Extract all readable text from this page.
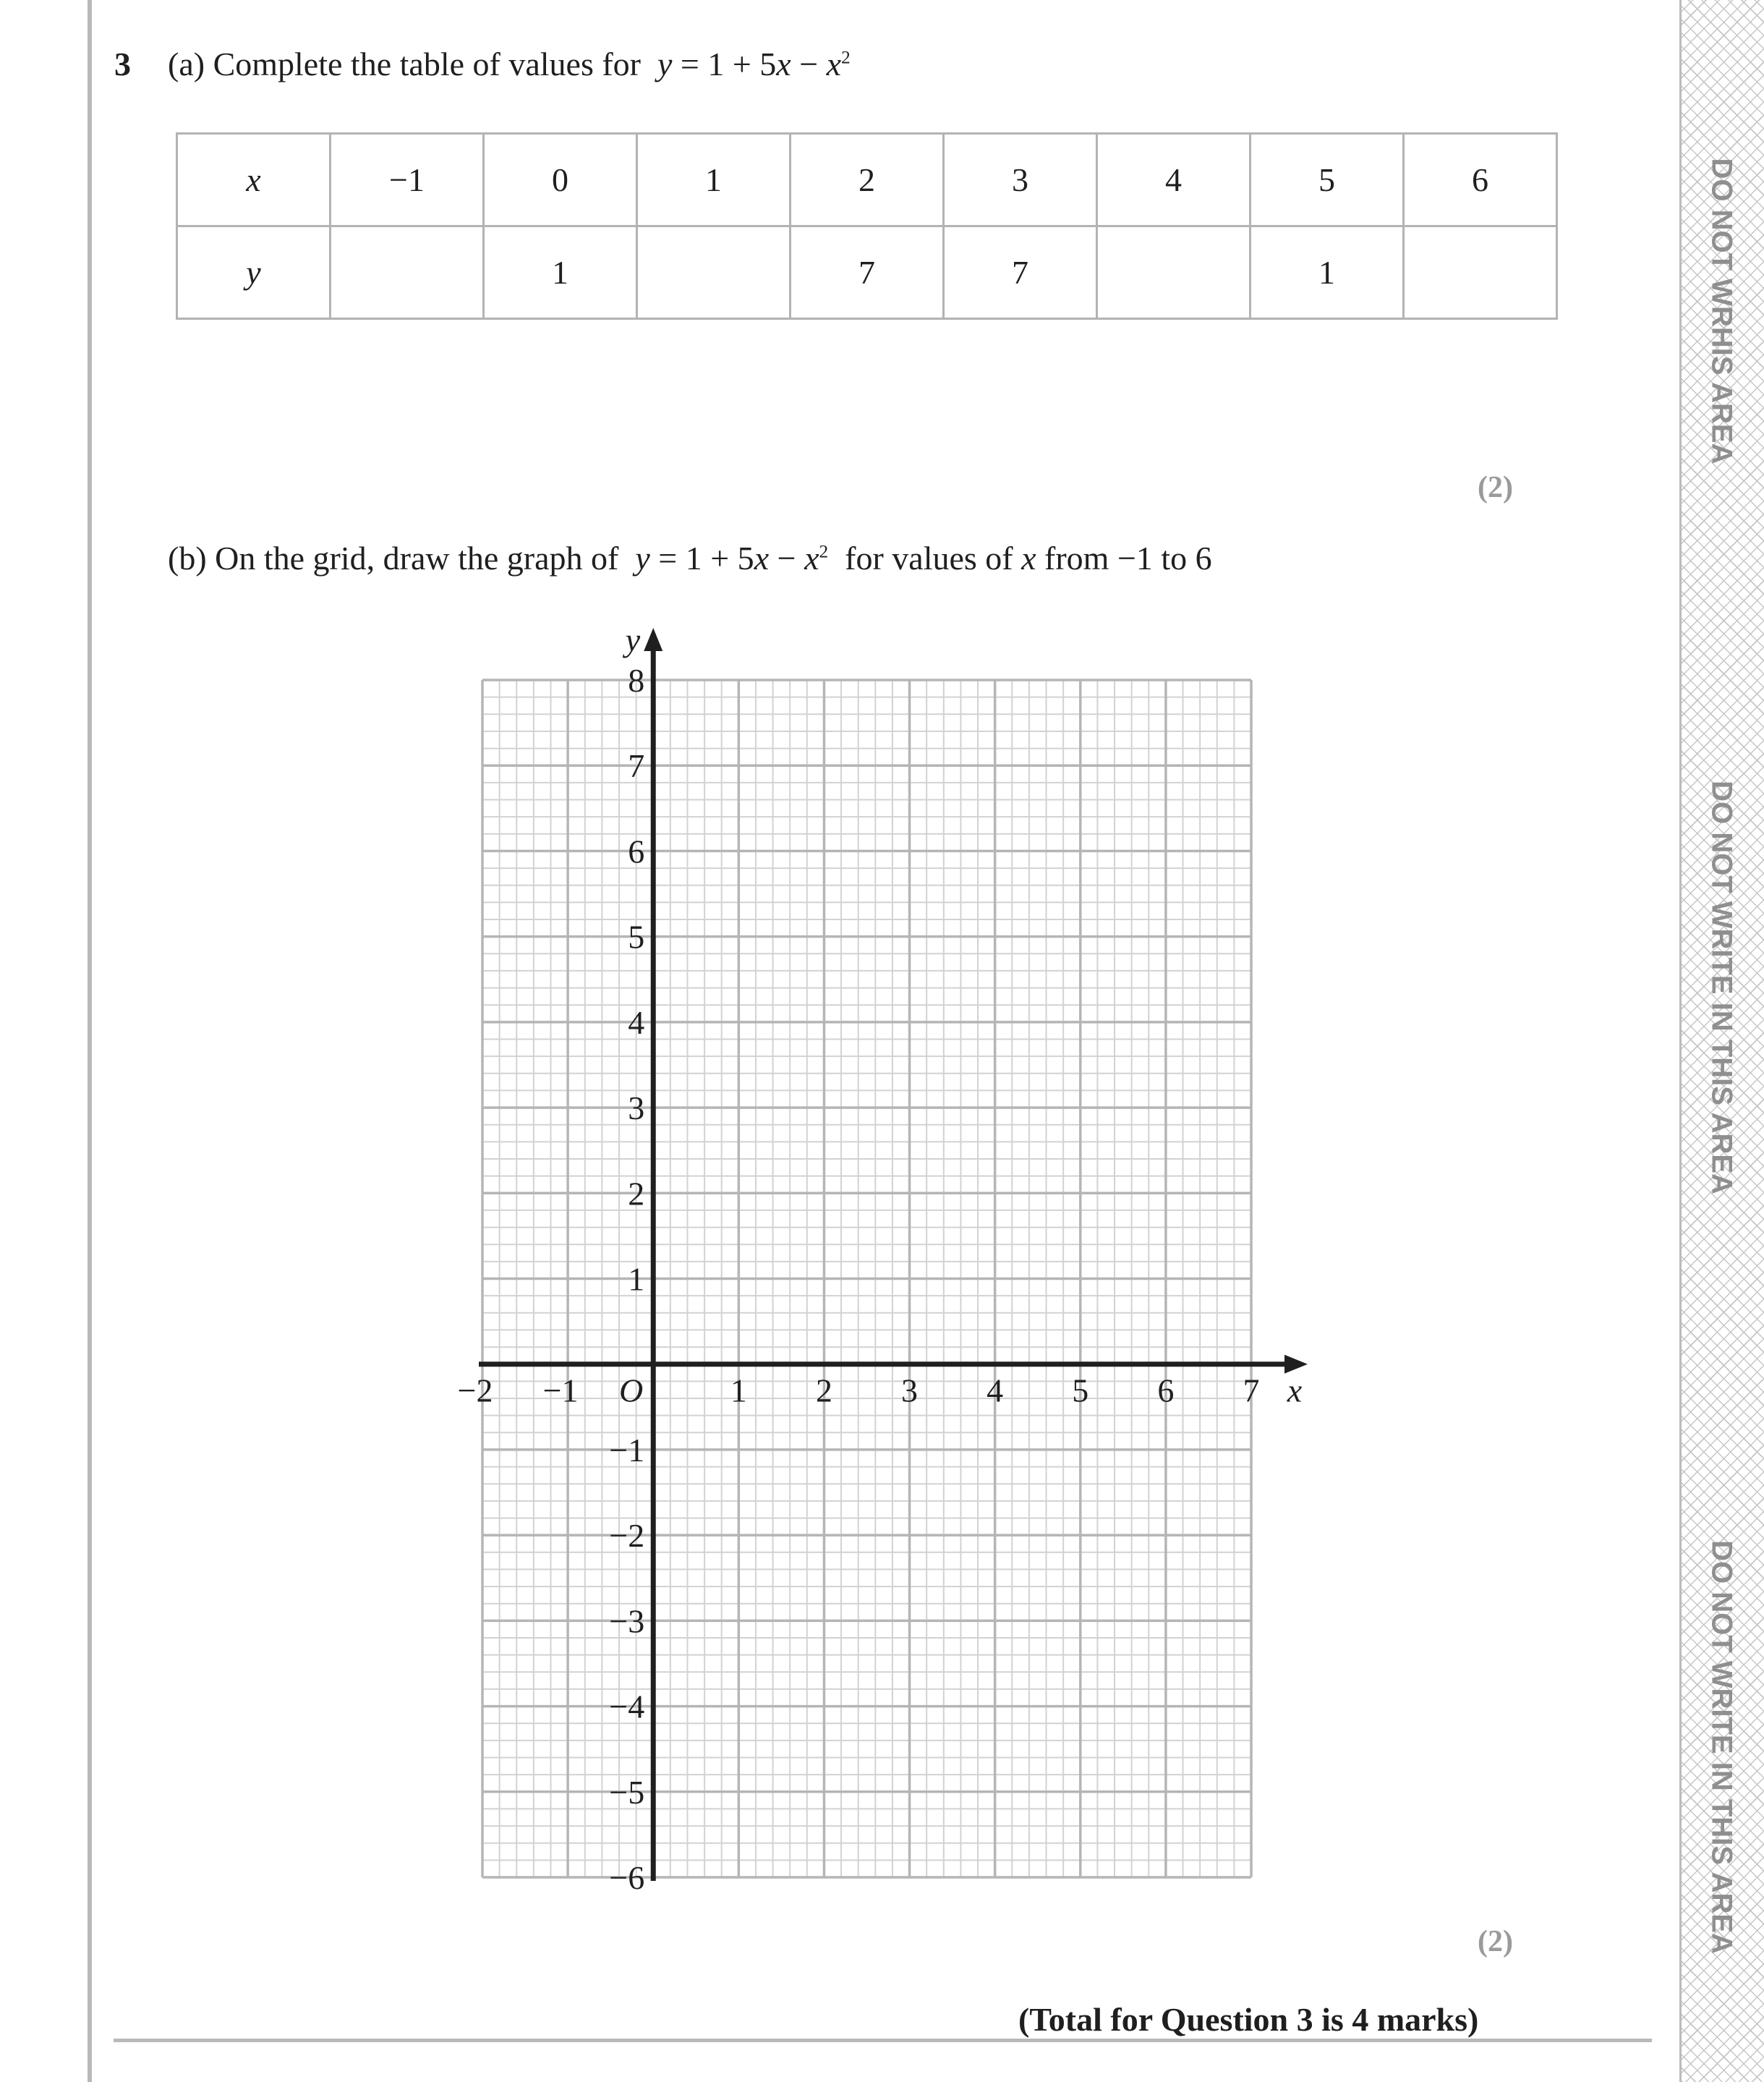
DO NOT WRHIS AREA
DO NOT WRITE IN THIS AREA
DO NOT WRITE IN THIS AREA
3 (a) Complete the table of values for $y = 1 + 5x - x^2$
x	−1	0	1	2	3	4	5	6
y		1		7	7		1	
(2)
(b) On the grid, draw the graph of $y = 1 + 5x - x^2$ for values of x from −1 to 6
−2 −1	1 2 3 4 5 6 7
8
7
6
5
4
3
2
1
−1
−2
−3
−4
−5
−6
O	x
y
(2)
(Total for Question 3 is 4 marks)
